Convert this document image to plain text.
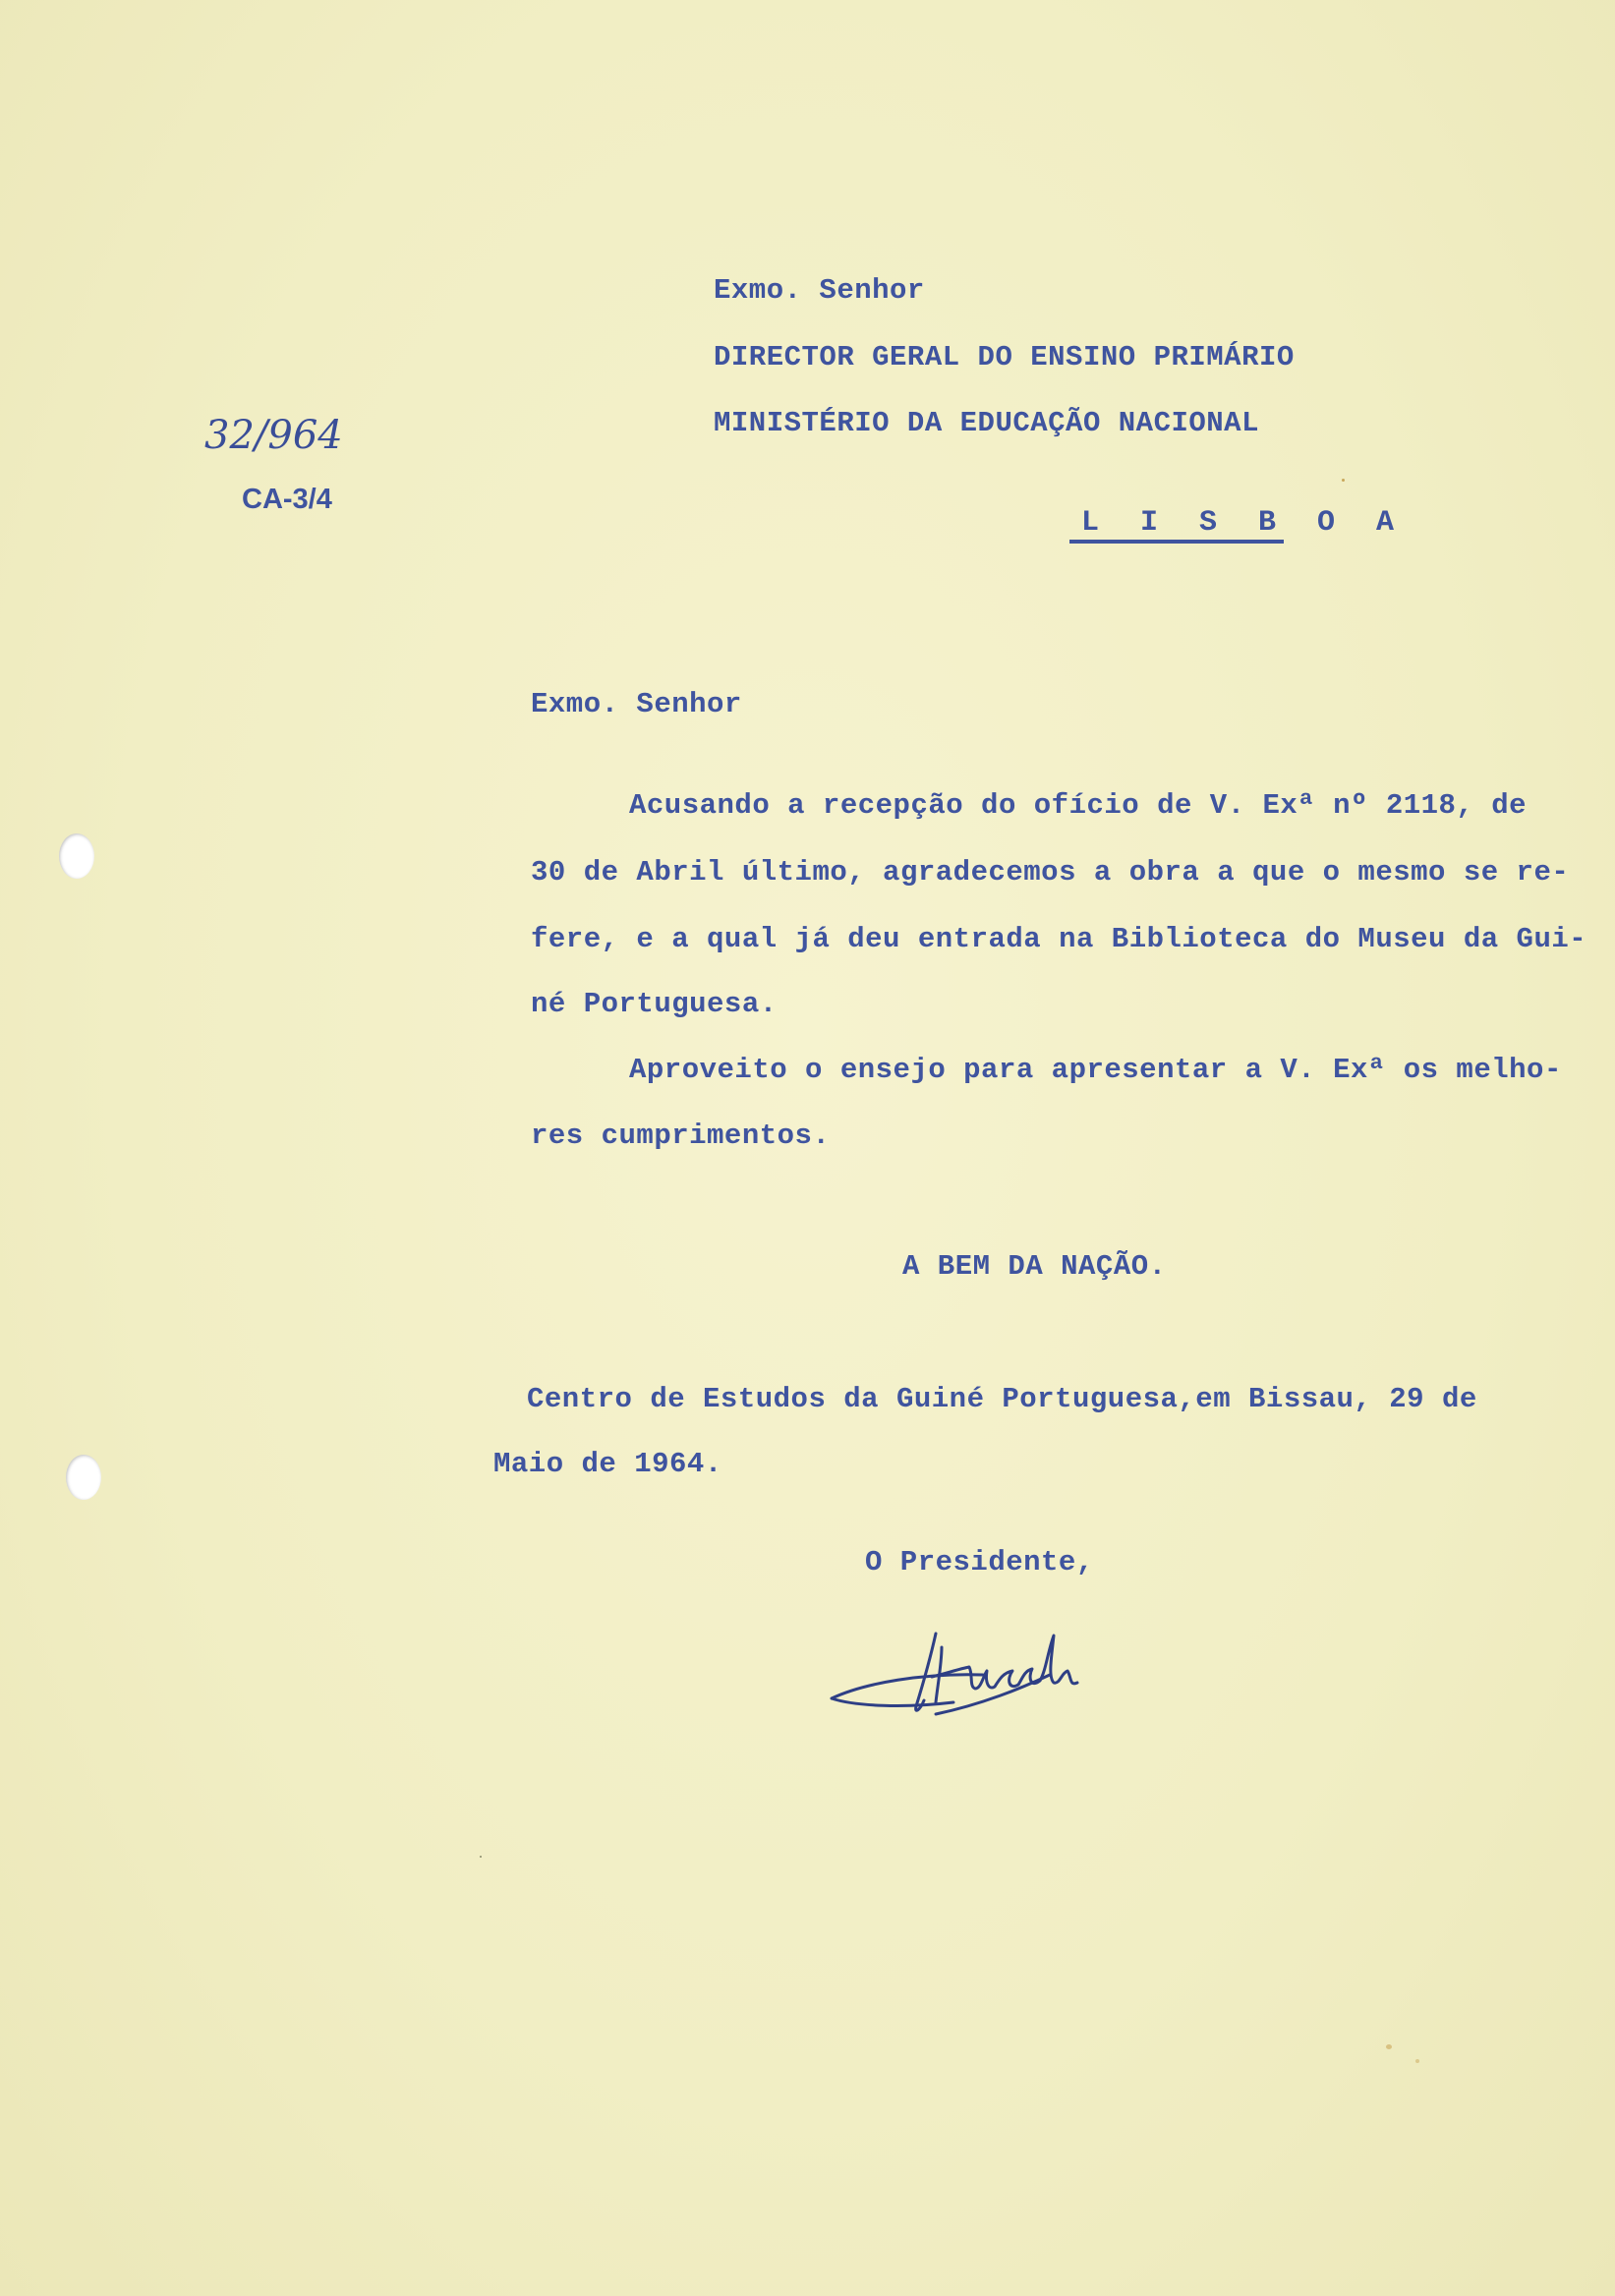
Exmo. Senhor
DIRECTOR GERAL DO ENSINO PRIMÁRIO
MINISTÉRIO DA EDUCAÇÃO NACIONAL
L I S B O A
32/964
CA-3/4
Exmo. Senhor
Acusando a recepção do ofício de V. Exª nº 2118, de
30 de Abril último, agradecemos a obra a que o mesmo se re-
fere, e a qual já deu entrada na Biblioteca do Museu da Gui-
né Portuguesa.
Aproveito o ensejo para apresentar a V. Exª os melho-
res cumprimentos.
A BEM DA NAÇÃO.
Centro de Estudos da Guiné Portuguesa,em Bissau, 29 de
Maio de 1964.
O Presidente,
